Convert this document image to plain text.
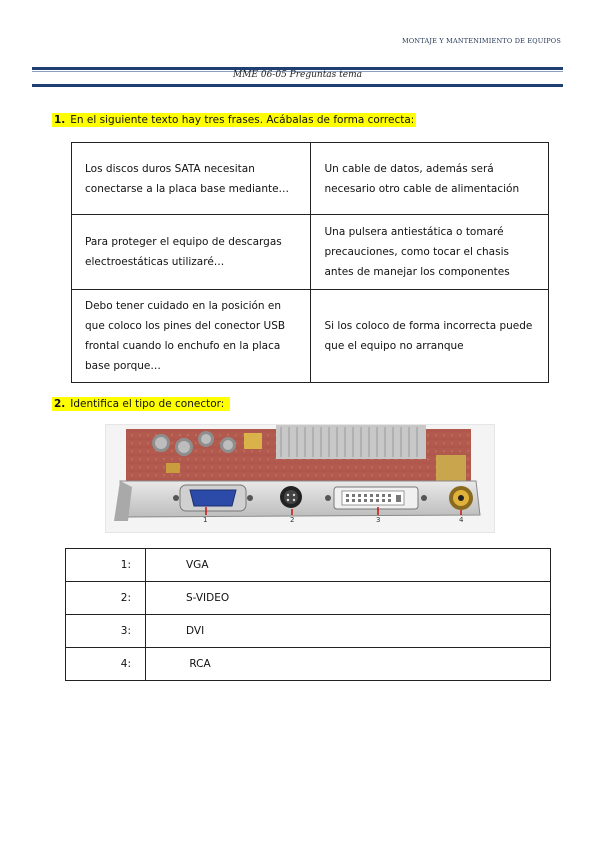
MONTAJE Y MANTENIMIENTO DE EQUIPOS
MME 06-05 Preguntas tema
1. En el siguiente texto hay tres frases. Acábalas de forma correcta:
Los discos duros SATA necesitan conectarse a la placa base mediante…	Un cable de datos, además será necesario otro cable de alimentación
Para proteger el equipo de descargas electroestáticas utilizaré…	Una pulsera antiestática o tomaré precauciones, como tocar el chasis antes de manejar los componentes
Debo tener cuidado en la posición en que coloco los pines del conector USB frontal cuando lo enchufo en la placa base porque…	Si los coloco de forma incorrecta puede que el equipo no arranque
2. Identifica el tipo de conector:
1	2	3	4
1:	VGA
2:	S-VIDEO
3:	DVI
4:	RCA
